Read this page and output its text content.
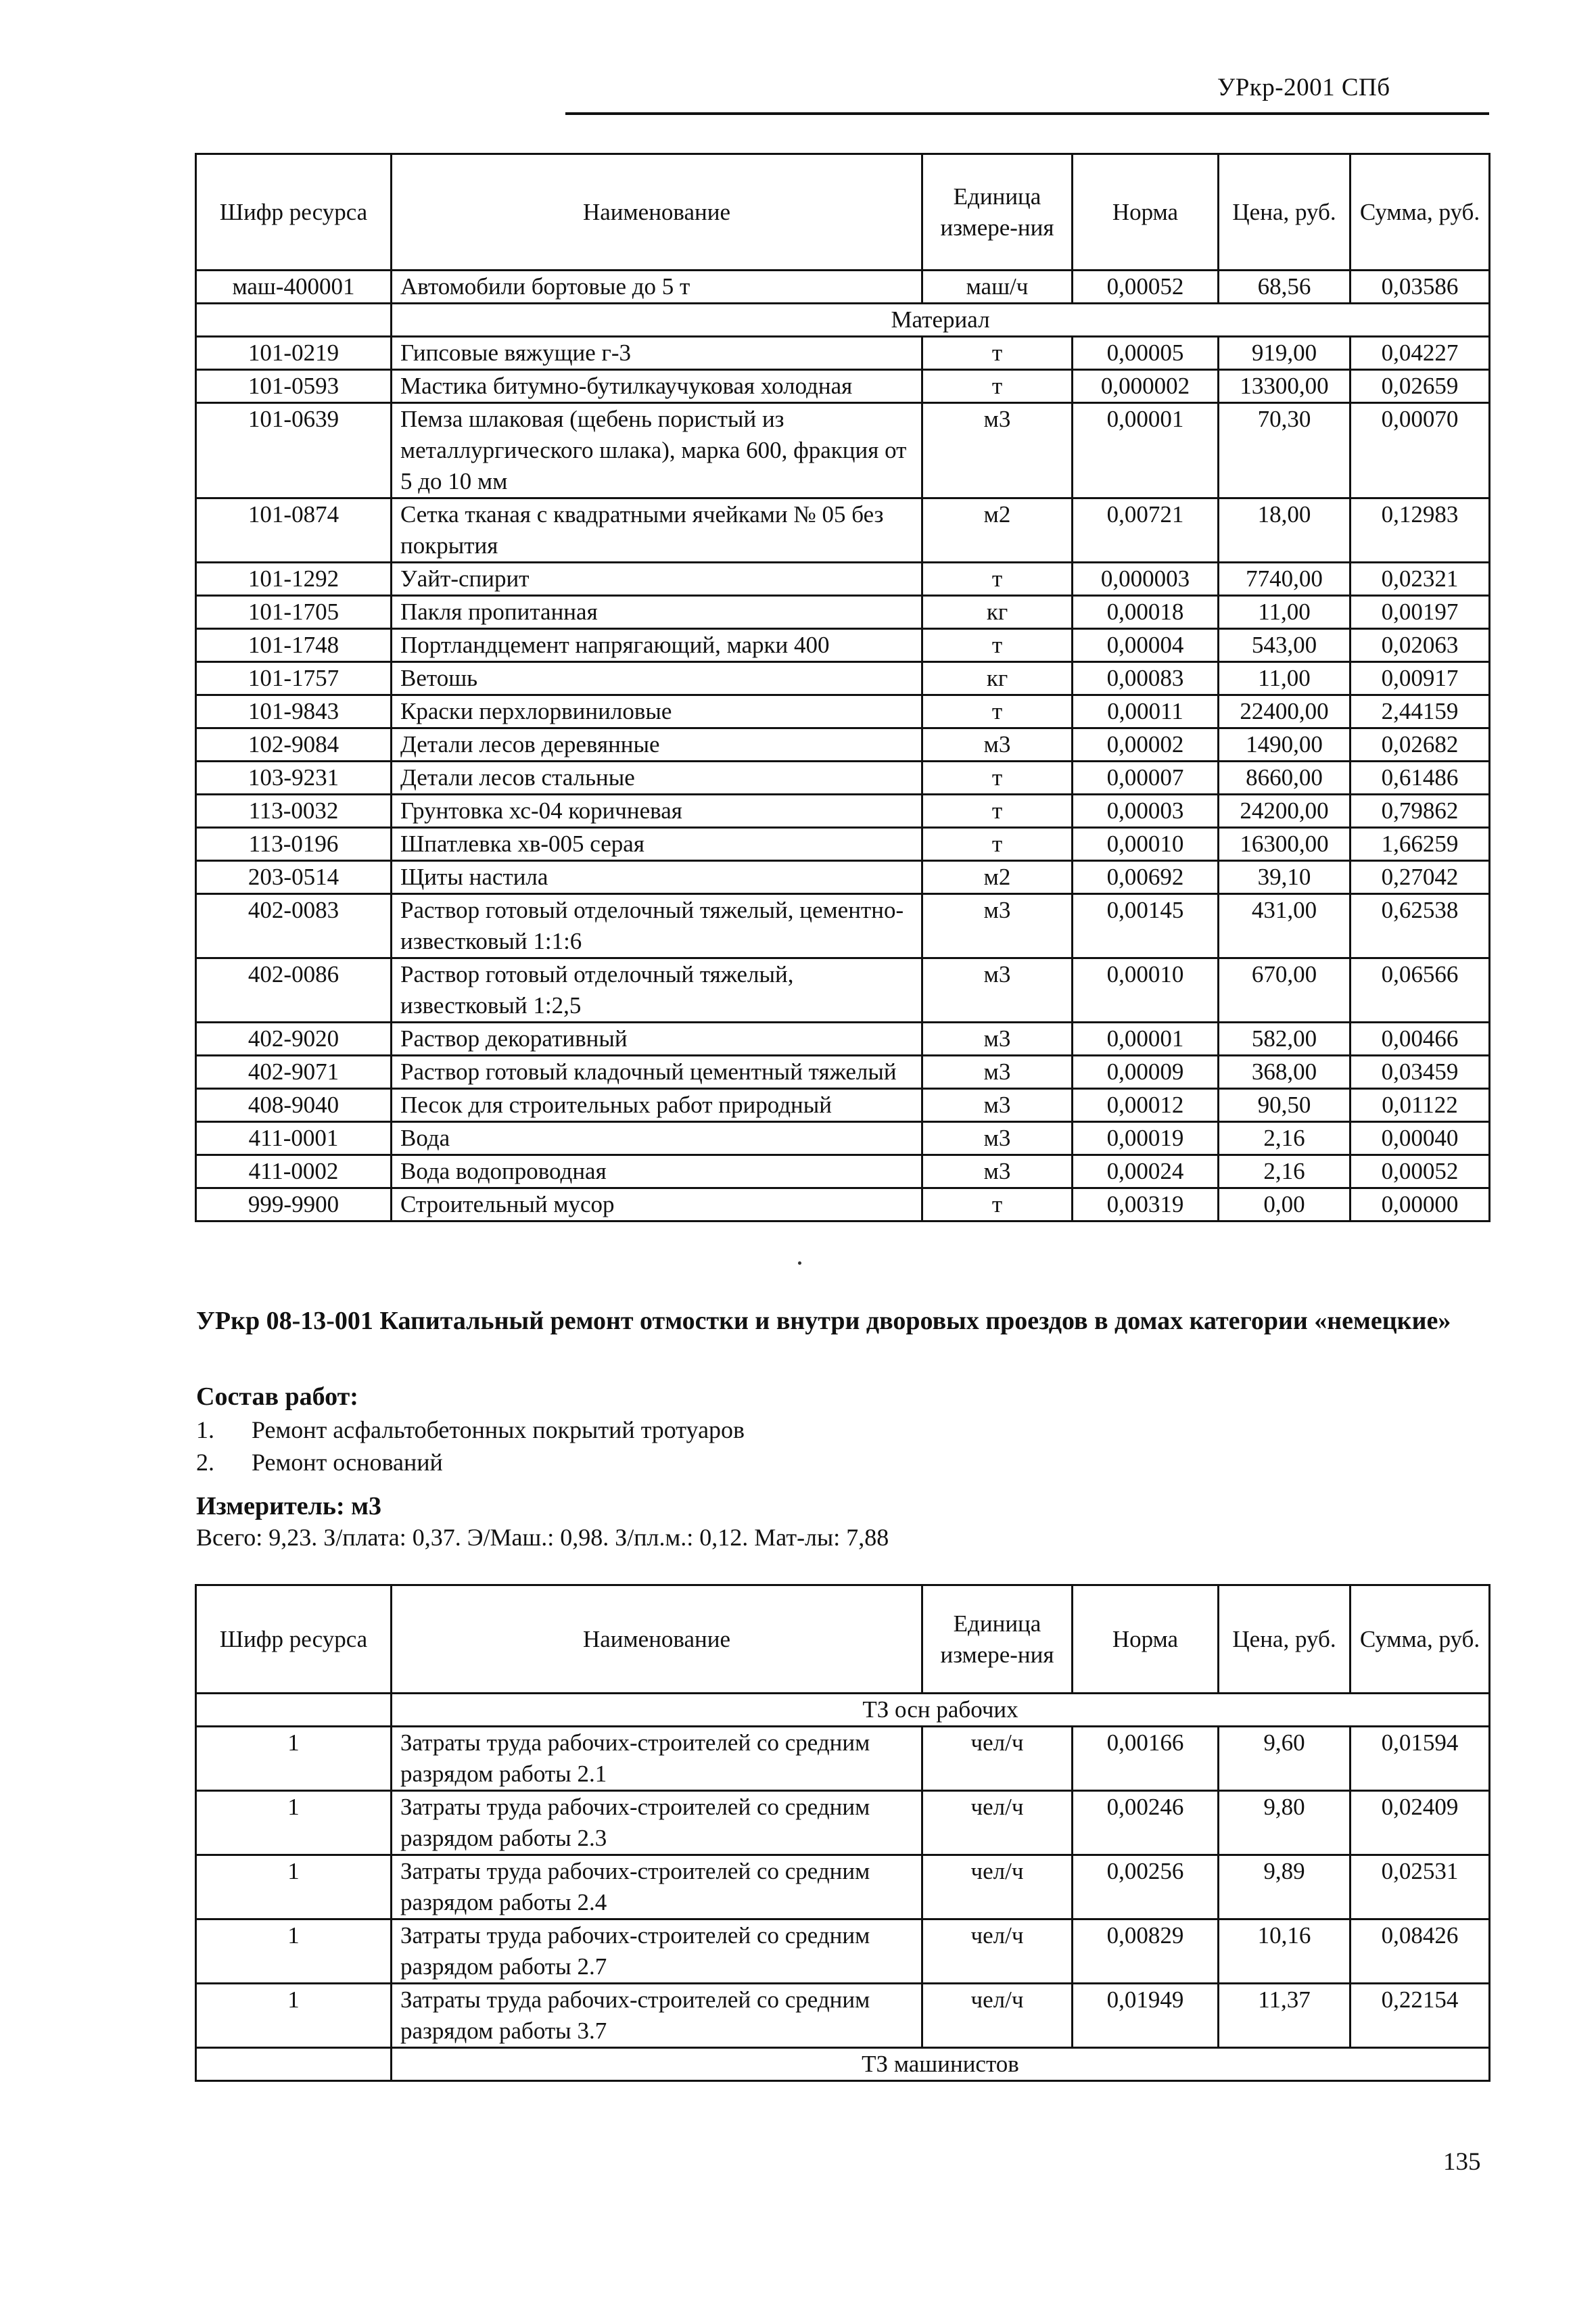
УРкр-2001 СПб
Шифр ресурса	Наименование	Единица измере-ния	Норма	Цена, руб.	Сумма, руб.
маш-400001	Автомобили бортовые до 5 т	маш/ч	0,00052	68,56	0,03586
	Материал				
101-0219	Гипсовые вяжущие г-3	т	0,00005	919,00	0,04227
101-0593	Мастика битумно-бутилкаучуковая холодная	т	0,000002	13300,00	0,02659
101-0639	Пемза шлаковая (щебень пористый из металлургического шлака), марка 600, фракция от 5 до 10 мм	м3	0,00001	70,30	0,00070
101-0874	Сетка тканая с квадратными ячейками № 05 без покрытия	м2	0,00721	18,00	0,12983
101-1292	Уайт-спирит	т	0,000003	7740,00	0,02321
101-1705	Пакля пропитанная	кг	0,00018	11,00	0,00197
101-1748	Портландцемент напрягающий, марки 400	т	0,00004	543,00	0,02063
101-1757	Ветошь	кг	0,00083	11,00	0,00917
101-9843	Краски перхлорвиниловые	т	0,00011	22400,00	2,44159
102-9084	Детали лесов деревянные	м3	0,00002	1490,00	0,02682
103-9231	Детали лесов стальные	т	0,00007	8660,00	0,61486
113-0032	Грунтовка хс-04 коричневая	т	0,00003	24200,00	0,79862
113-0196	Шпатлевка хв-005 серая	т	0,00010	16300,00	1,66259
203-0514	Щиты настила	м2	0,00692	39,10	0,27042
402-0083	Раствор готовый отделочный тяжелый, цементно-известковый 1:1:6	м3	0,00145	431,00	0,62538
402-0086	Раствор готовый отделочный тяжелый, известковый 1:2,5	м3	0,00010	670,00	0,06566
402-9020	Раствор декоративный	м3	0,00001	582,00	0,00466
402-9071	Раствор готовый кладочный цементный тяжелый	м3	0,00009	368,00	0,03459
408-9040	Песок для строительных работ природный	м3	0,00012	90,50	0,01122
411-0001	Вода	м3	0,00019	2,16	0,00040
411-0002	Вода водопроводная	м3	0,00024	2,16	0,00052
999-9900	Строительный мусор	т	0,00319	0,00	0,00000
УРкр 08-13-001 Капитальный ремонт отмостки и внутри дворовых проездов в домах категории «немецкие»
Состав работ:
1. Ремонт асфальтобетонных покрытий тротуаров
2. Ремонт оснований
Измеритель: м3
Всего: 9,23. З/плата: 0,37. Э/Маш.: 0,98. З/пл.м.: 0,12. Мат-лы: 7,88
Шифр ресурса	Наименование	Единица измере-ния	Норма	Цена, руб.	Сумма, руб.
	ТЗ осн рабочих				
1	Затраты труда рабочих-строителей со средним разрядом работы 2.1	чел/ч	0,00166	9,60	0,01594
1	Затраты труда рабочих-строителей со средним разрядом работы 2.3	чел/ч	0,00246	9,80	0,02409
1	Затраты труда рабочих-строителей со средним разрядом работы 2.4	чел/ч	0,00256	9,89	0,02531
1	Затраты труда рабочих-строителей со средним разрядом работы 2.7	чел/ч	0,00829	10,16	0,08426
1	Затраты труда рабочих-строителей со средним разрядом работы 3.7	чел/ч	0,01949	11,37	0,22154
	ТЗ машинистов				
135
